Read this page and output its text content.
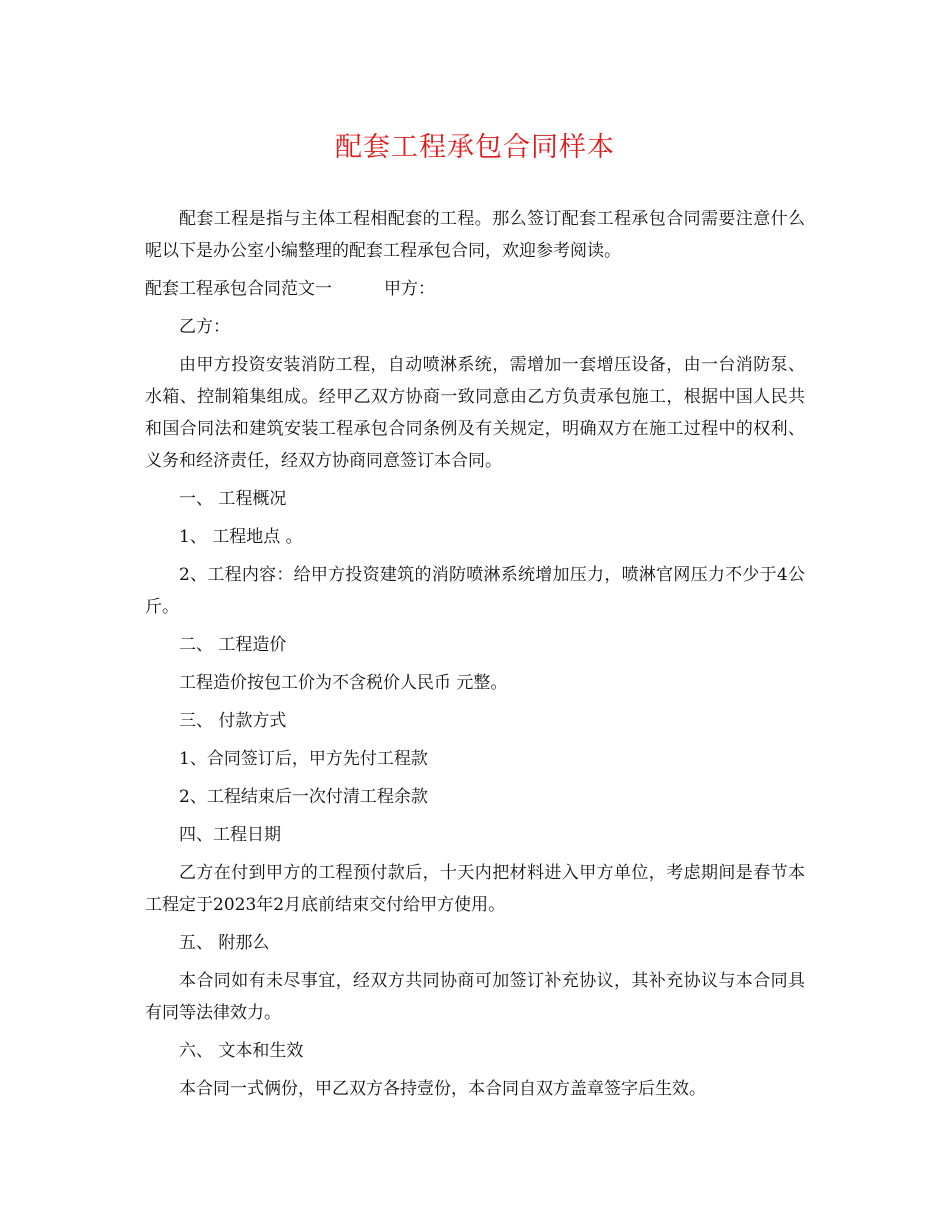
配套工程承包合同样本

配套工程是指与主体工程相配套的工程。那么签订配套工程承包合同需要注意什么呢以下是办公室小编整理的配套工程承包合同，欢迎参考阅读。

配套工程承包合同范文一	甲方：

乙方：

由甲方投资安装消防工程，自动喷淋系统，需增加一套增压设备，由一台消防泵、水箱、控制箱集组成。经甲乙双方协商一致同意由乙方负责承包施工，根据中国人民共和国合同法和建筑安装工程承包合同条例及有关规定，明确双方在施工过程中的权利、义务和经济责任，经双方协商同意签订本合同。

一、 工程概况

1、 工程地点 。

2、工程内容：给甲方投资建筑的消防喷淋系统增加压力，喷淋官网压力不少于4公斤。

二、 工程造价

工程造价按包工价为不含税价人民币 元整。

三、 付款方式

1、合同签订后，甲方先付工程款

2、工程结束后一次付清工程余款

四、工程日期

乙方在付到甲方的工程预付款后，十天内把材料进入甲方单位，考虑期间是春节本工程定于2023年2月底前结束交付给甲方使用。

五、 附那么

本合同如有未尽事宜，经双方共同协商可加签订补充协议，其补充协议与本合同具有同等法律效力。

六、 文本和生效

本合同一式俩份，甲乙双方各持壹份，本合同自双方盖章签字后生效。
